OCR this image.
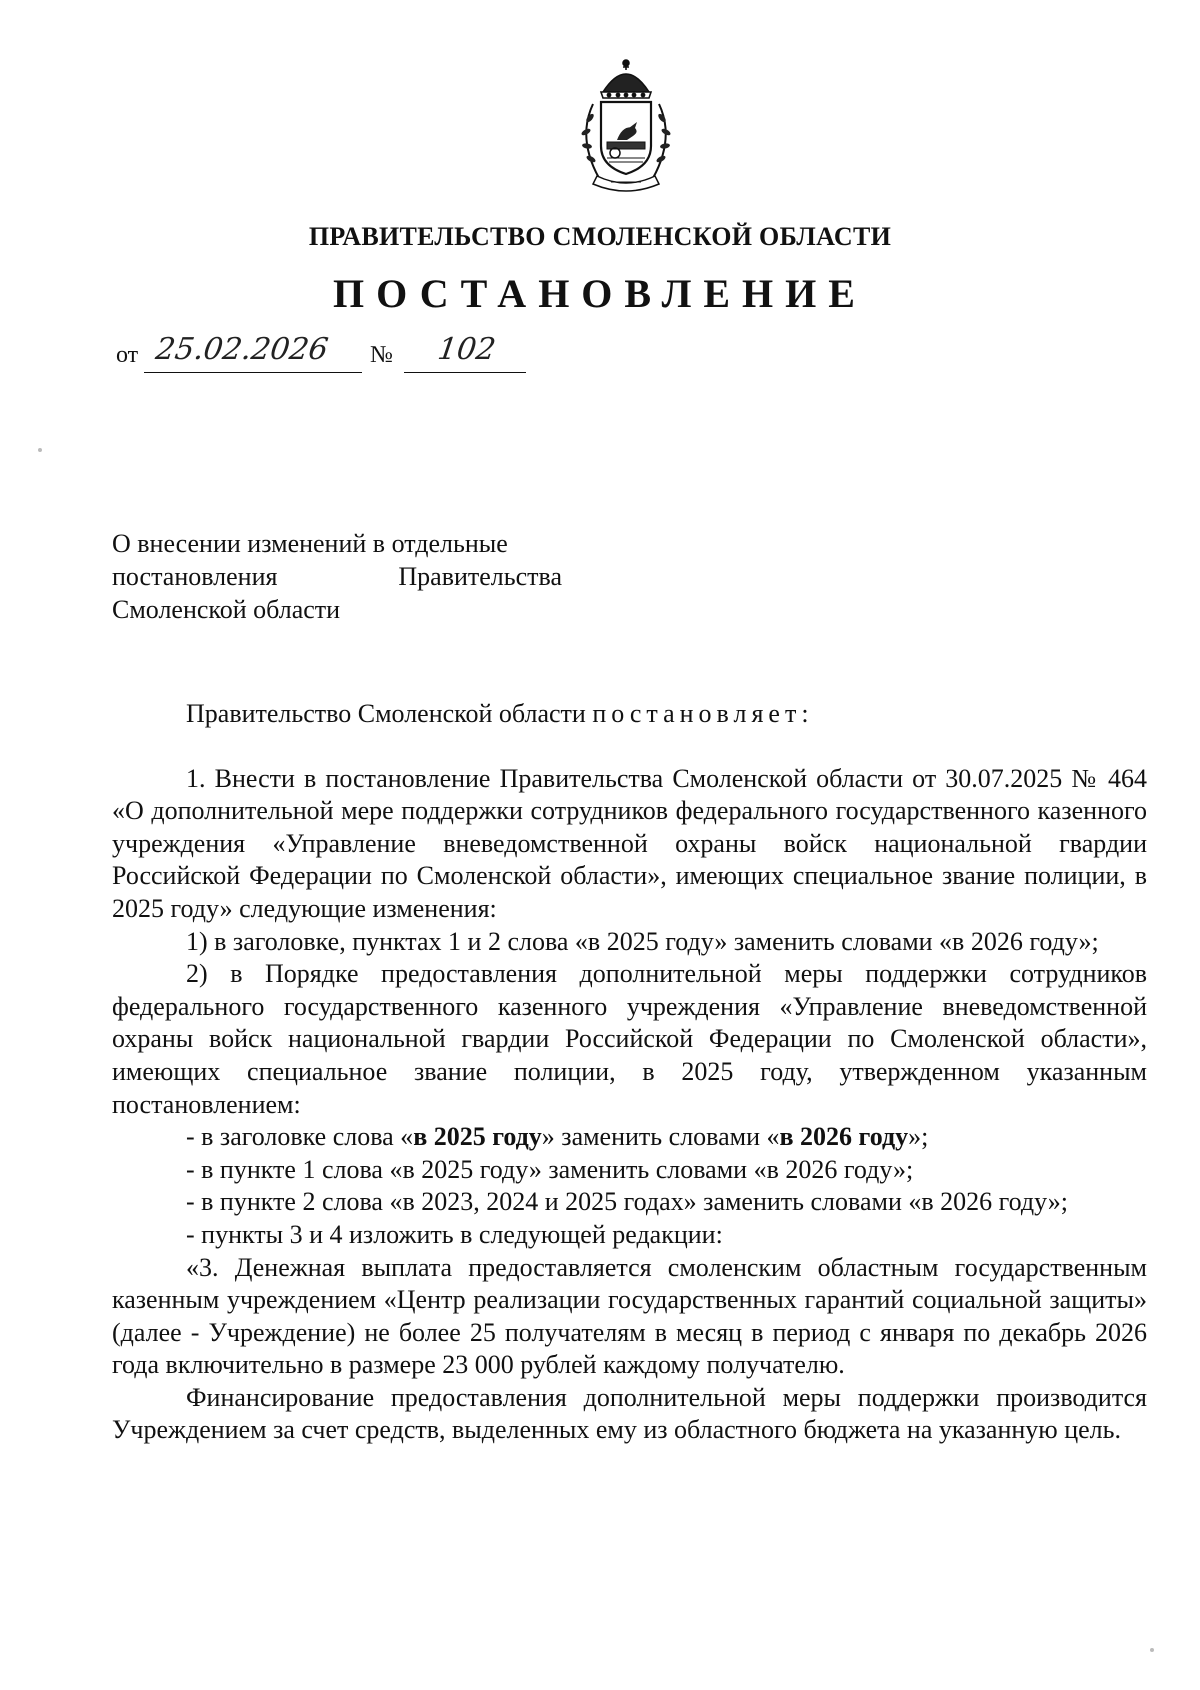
ПРАВИТЕЛЬСТВО СМОЛЕНСКОЙ ОБЛАСТИ
ПОСТАНОВЛЕНИЕ
от 25.02.2026 № 102
О внесении изменений в отдельные
постановления	Правительства
Смоленской области

Правительство Смоленской области постановляет:

1. Внести в постановление Правительства Смоленской области от 30.07.2025 № 464 «О дополнительной мере поддержки сотрудников федерального государственного казенного учреждения «Управление вневедомственной охраны войск национальной гвардии Российской Федерации по Смоленской области», имеющих специальное звание полиции, в 2025 году» следующие изменения:

1) в заголовке, пунктах 1 и 2 слова «в 2025 году» заменить словами «в 2026 году»;

2) в Порядке предоставления дополнительной меры поддержки сотрудников федерального государственного казенного учреждения «Управление вневедомственной охраны войск национальной гвардии Российской Федерации по Смоленской области», имеющих специальное звание полиции, в 2025 году, утвержденном указанным постановлением:

- в заголовке слова «в 2025 году» заменить словами «в 2026 году»;

- в пункте 1 слова «в 2025 году» заменить словами «в 2026 году»;

- в пункте 2 слова «в 2023, 2024 и 2025 годах» заменить словами «в 2026 году»;

- пункты 3 и 4 изложить в следующей редакции:

«3. Денежная выплата предоставляется смоленским областным государственным казенным учреждением «Центр реализации государственных гарантий социальной защиты» (далее - Учреждение) не более 25 получателям в месяц в период с января по декабрь 2026 года включительно в размере 23 000 рублей каждому получателю.

Финансирование предоставления дополнительной меры поддержки производится Учреждением за счет средств, выделенных ему из областного бюджета на указанную цель.
